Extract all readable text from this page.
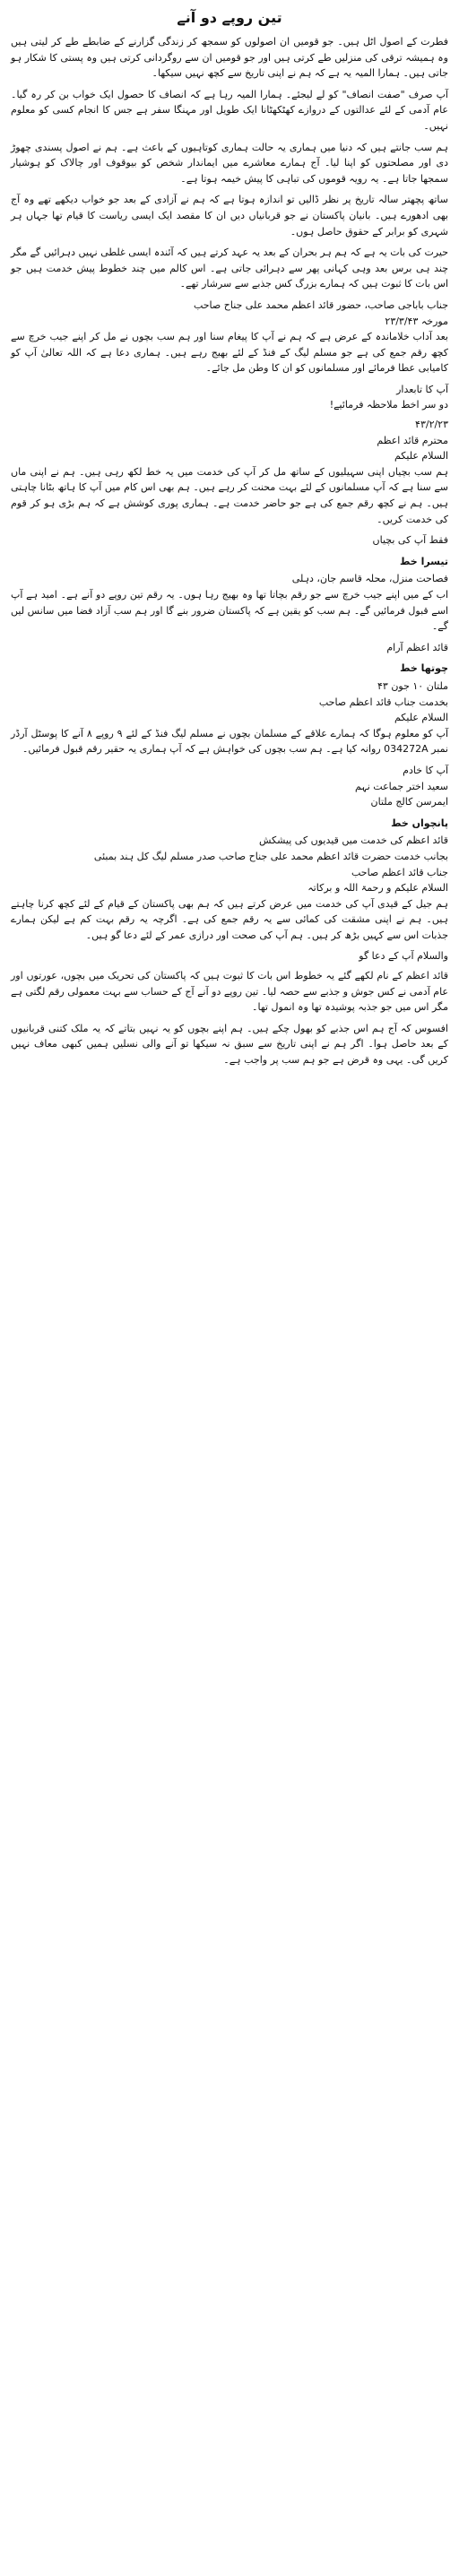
تین روپے دو آنے

فطرت کے اصول اٹل ہیں۔ جو قومیں ان اصولوں کو سمجھ کر زندگی گزارنے کے ضابطے طے کر لیتی ہیں وہ ہمیشہ ترقی کی منزلیں طے کرتی ہیں اور جو قومیں ان سے روگردانی کرتی ہیں وہ پستی کا شکار ہو جاتی ہیں۔ ہمارا المیہ یہ ہے کہ ہم نے اپنی تاریخ سے کچھ نہیں سیکھا۔

آپ صرف "صفت انصاف" کو لے لیجئے۔ ہمارا المیہ رہا ہے کہ انصاف کا حصول ایک خواب بن کر رہ گیا۔ عام آدمی کے لئے عدالتوں کے دروازے کھٹکھٹانا ایک طویل اور مہنگا سفر ہے جس کا انجام کسی کو معلوم نہیں۔

ہم سب جانتے ہیں کہ دنیا میں ہماری یہ حالت ہماری کوتاہیوں کے باعث ہے۔ ہم نے اصول پسندی چھوڑ دی اور مصلحتوں کو اپنا لیا۔ آج ہمارے معاشرے میں ایماندار شخص کو بیوقوف اور چالاک کو ہوشیار سمجھا جاتا ہے۔ یہ رویہ قوموں کی تباہی کا پیش خیمہ ہوتا ہے۔

ساتھ پچھتر سالہ تاریخ پر نظر ڈالیں تو اندازہ ہوتا ہے کہ ہم نے آزادی کے بعد جو خواب دیکھے تھے وہ آج بھی ادھورے ہیں۔ بانیان پاکستان نے جو قربانیاں دیں ان کا مقصد ایک ایسی ریاست کا قیام تھا جہاں ہر شہری کو برابر کے حقوق حاصل ہوں۔

حیرت کی بات یہ ہے کہ ہم ہر بحران کے بعد یہ عہد کرتے ہیں کہ آئندہ ایسی غلطی نہیں دہرائیں گے مگر چند ہی برس بعد وہی کہانی پھر سے دہرائی جاتی ہے۔ اس کالم میں چند خطوط پیش خدمت ہیں جو اس بات کا ثبوت ہیں کہ ہمارے بزرگ کس جذبے سے سرشار تھے۔

جناب باباجی صاحب، حضور قائد اعظم محمد علی جناح صاحب

مورخہ ۲۳/۳/۴۳

بعد آداب خلاماندہ کے عرض ہے کہ ہم نے آپ کا پیغام سنا اور ہم سب بچوں نے مل کر اپنے جیب خرچ سے کچھ رقم جمع کی ہے جو مسلم لیگ کے فنڈ کے لئے بھیج رہے ہیں۔ ہماری دعا ہے کہ اللہ تعالیٰ آپ کو کامیابی عطا فرمائے اور مسلمانوں کو ان کا وطن مل جائے۔

آپ کا تابعدار

دو سر اخط ملاحظہ فرمائیے!

۴۳/۲/۲۳

محترم قائد اعظم

السلام علیکم

ہم سب بچیاں اپنی سہیلیوں کے ساتھ مل کر آپ کی خدمت میں یہ خط لکھ رہی ہیں۔ ہم نے اپنی ماں سے سنا ہے کہ آپ مسلمانوں کے لئے بہت محنت کر رہے ہیں۔ ہم بھی اس کام میں آپ کا ہاتھ بٹانا چاہتی ہیں۔ ہم نے کچھ رقم جمع کی ہے جو حاضر خدمت ہے۔ ہماری پوری کوشش ہے کہ ہم بڑی ہو کر قوم کی خدمت کریں۔

فقط آپ کی بچیاں

تیسرا خط

فصاحت منزل، محلہ قاسم جان، دہلی

اب کے میں اپنے جیب خرچ سے جو رقم بچاتا تھا وہ بھیج رہا ہوں۔ یہ رقم تین روپے دو آنے ہے۔ امید ہے آپ اسے قبول فرمائیں گے۔ ہم سب کو یقین ہے کہ پاکستان ضرور بنے گا اور ہم سب آزاد فضا میں سانس لیں گے۔

قائد اعظم آرام

چوتھا خط

ملتان ۱۰ جون ۴۳

بخدمت جناب قائد اعظم صاحب

السلام علیکم

آپ کو معلوم ہوگا کہ ہمارے علاقے کے مسلمان بچوں نے مسلم لیگ فنڈ کے لئے ۹ روپے ۸ آنے کا پوسٹل آرڈر نمبر 034272A روانہ کیا ہے۔ ہم سب بچوں کی خواہش ہے کہ آپ ہماری یہ حقیر رقم قبول فرمائیں۔

آپ کا خادم

سعید اختر جماعت نہم

ایمرسن کالج ملتان

پانچواں خط

قائد اعظم کی خدمت میں قیدیوں کی پیشکش

بجانب خدمت حضرت قائد اعظم محمد علی جناح صاحب صدر مسلم لیگ کل ہند بمبئی

جناب قائد اعظم صاحب

السلام علیکم و رحمۃ اللہ و برکاتہ

ہم جیل کے قیدی آپ کی خدمت میں عرض کرتے ہیں کہ ہم بھی پاکستان کے قیام کے لئے کچھ کرنا چاہتے ہیں۔ ہم نے اپنی مشقت کی کمائی سے یہ رقم جمع کی ہے۔ اگرچہ یہ رقم بہت کم ہے لیکن ہمارے جذبات اس سے کہیں بڑھ کر ہیں۔ ہم آپ کی صحت اور درازی عمر کے لئے دعا گو ہیں۔

والسلام آپ کے دعا گو

قائد اعظم کے نام لکھے گئے یہ خطوط اس بات کا ثبوت ہیں کہ پاکستان کی تحریک میں بچوں، عورتوں اور عام آدمی نے کس جوش و جذبے سے حصہ لیا۔ تین روپے دو آنے آج کے حساب سے بہت معمولی رقم لگتی ہے مگر اس میں جو جذبہ پوشیدہ تھا وہ انمول تھا۔

افسوس کہ آج ہم اس جذبے کو بھول چکے ہیں۔ ہم اپنے بچوں کو یہ نہیں بتاتے کہ یہ ملک کتنی قربانیوں کے بعد حاصل ہوا۔ اگر ہم نے اپنی تاریخ سے سبق نہ سیکھا تو آنے والی نسلیں ہمیں کبھی معاف نہیں کریں گی۔ یہی وہ قرض ہے جو ہم سب پر واجب ہے۔
